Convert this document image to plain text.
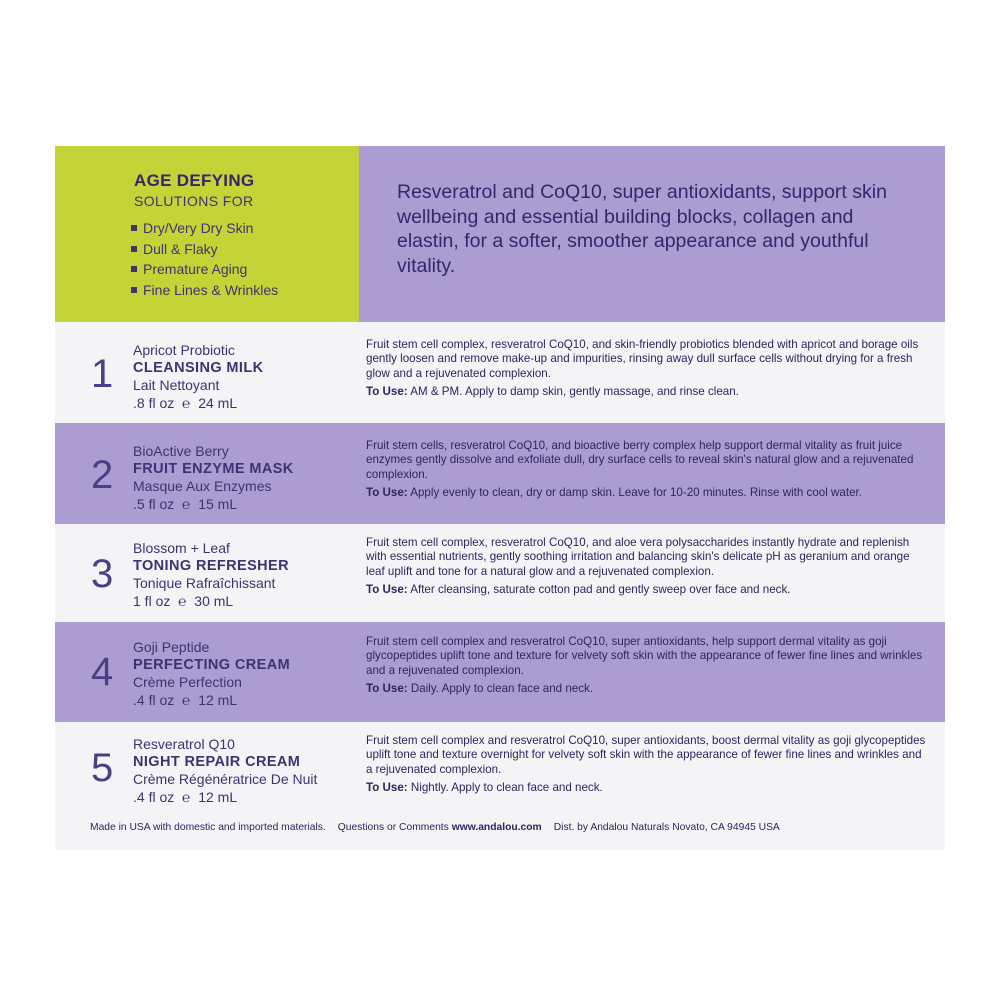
AGE DEFYING
SOLUTIONS FOR
Dry/Very Dry Skin
Dull & Flaky
Premature Aging
Fine Lines & Wrinkles
Resveratrol and CoQ10, super antioxidants, support skin wellbeing and essential building blocks, collagen and elastin, for a softer, smoother appearance and youthful vitality.
1
Apricot Probiotic
CLEANSING MILK
Lait Nettoyant
.8 fl oz  ℮  24 mL
Fruit stem cell complex, resveratrol CoQ10, and skin-friendly probiotics blended with apricot and borage oils gently loosen and remove make-up and impurities, rinsing away dull surface cells without drying for a fresh glow and a rejuvenated complexion.
To Use: AM & PM. Apply to damp skin, gently massage, and rinse clean.
2
BioActive Berry
FRUIT ENZYME MASK
Masque Aux Enzymes
.5 fl oz  ℮  15 mL
Fruit stem cells, resveratrol CoQ10, and bioactive berry complex help support dermal vitality as fruit juice enzymes gently dissolve and exfoliate dull, dry surface cells to reveal skin's natural glow and a rejuvenated complexion.
To Use: Apply evenly to clean, dry or damp skin. Leave for 10-20 minutes. Rinse with cool water.
3
Blossom + Leaf
TONING REFRESHER
Tonique Rafraîchissant
1 fl oz  ℮  30 mL
Fruit stem cell complex, resveratrol CoQ10, and aloe vera polysaccharides instantly hydrate and replenish with essential nutrients, gently soothing irritation and balancing skin's delicate pH as geranium and orange leaf uplift and tone for a natural glow and a rejuvenated complexion.
To Use: After cleansing, saturate cotton pad and gently sweep over face and neck.
4
Goji Peptide
PERFECTING CREAM
Crème Perfection
.4 fl oz  ℮  12 mL
Fruit stem cell complex and resveratrol CoQ10, super antioxidants, help support dermal vitality as goji glycopeptides uplift tone and texture for velvety soft skin with the appearance of fewer fine lines and wrinkles and a rejuvenated complexion.
To Use: Daily. Apply to clean face and neck.
5
Resveratrol Q10
NIGHT REPAIR CREAM
Crème Régénératrice De Nuit
.4 fl oz  ℮  12 mL
Fruit stem cell complex and resveratrol CoQ10, super antioxidants, boost dermal vitality as goji glycopeptides uplift tone and texture overnight for velvety soft skin with the appearance of fewer fine lines and wrinkles and a rejuvenated complexion.
To Use: Nightly. Apply to clean face and neck.
Made in USA with domestic and imported materials. Questions or Comments www.andalou.com Dist. by Andalou Naturals Novato, CA 94945 USA
